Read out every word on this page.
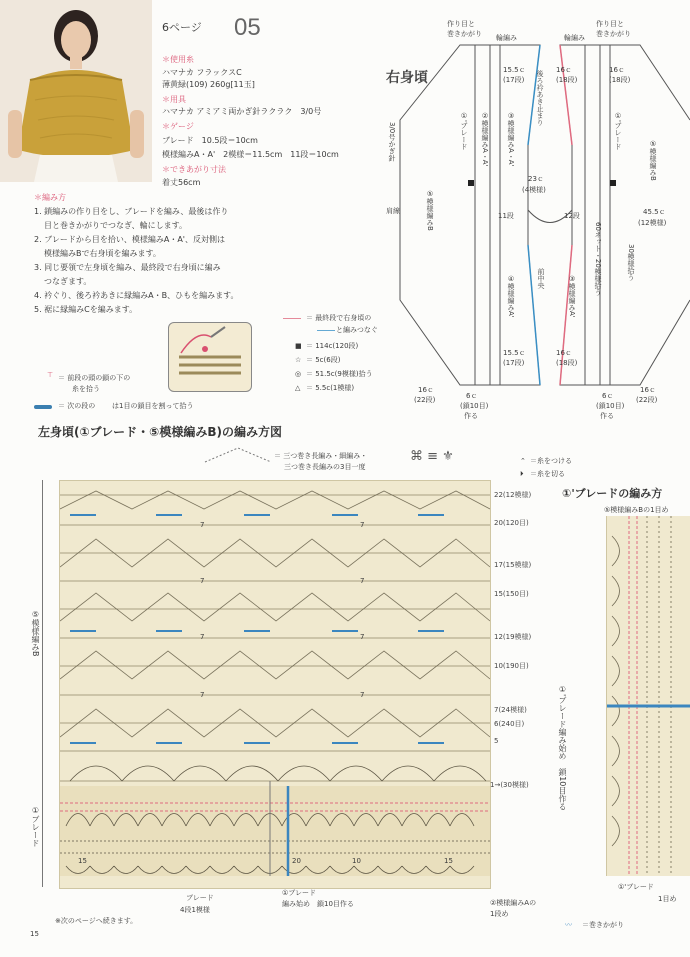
6ページ 05
＊使用糸
ハマナカ フラックスC
薄黄緑(109) 260g[11玉]
＊用具
ハマナカ アミアミ両かぎ針ラクラク　3/0号
＊ゲージ
ブレード　10.5段＝10cm
模様編みA・A'　2模様＝11.5cm　11段＝10cm
＊できあがり寸法
着丈56cm
＊編み方
1. 鎖編みの作り目をし、ブレードを編み、最後は作り
目と巻きかがりでつなぎ、輪にします。
2. ブレードから目を拾い、模様編みA・A'、反対側は
模様編みBで右身頃を編みます。
3. 同じ要領で左身頃を編み、最終段で右身頃に編み
つなぎます。
4. 衿ぐり、後ろ衿あきに縁編みA・B、ひもを編みます。
5. 裾に縁編みCを編みます。
⊤ ＝ 前段の頭の鎖の下の
糸を拾う
＝ 次の段の は1目の鎖目を割って拾う
＝ 最終段で右身頃の
と編みつなぐ
■ ＝ 114c(120段)
☆ ＝ 5c(6段)
◎ ＝ 51.5c(9模様)拾う
△ ＝ 5.5c(1模様)
右身頃
3/0号かぎ針
肩線
作り目と
巻きかがり
作り目と
巻きかがり
輪編み	輪編み
15.5ｃ
(17段)
16ｃ
(18段)
16ｃ
(18段)
後ろ衿あき止まり
23ｃ
(4模様)
11段	12段	45.5ｃ
(12模様)
前中央	60ネット・20模様拾う	30模様拾う
①'ブレード	①'ブレード
③模様編みA・A'
②模様編みA・A'
④模様編みA'	③模様編みA'
⑤模様編みB
⑤模様編みB
15.5ｃ
(17段)
16ｃ
(18段)
16ｃ
(22段)	6ｃ
(鎖10目)
作る
6ｃ
(鎖10目)
作る
16ｃ
(22段)
左身頃(①ブレード・⑤模様編みB)の編み方図
＝ 三つ巻き長編み・細編み・
三つ巻き長編みの3目一度
⌘ ≡ ⚜	⌃ ＝糸をつける
⏵ ＝糸を切る
7
7
7
7
7
7
7
7
15	15
20	10
⑤模様編みB
①ブレード
22(12模様)
20(120目)
17(15模様)
15(150目)
12(19模様)
10(190目)
7(24模様)
6(240目)
5
1→(30模様)
ブレード
4段1模様
①ブレード
編み始め　鎖10目作る	②模様編みAの
1段め
※次のページへ続きます。
15
〰 ＝巻きかがり
①'ブレードの編み方
⑤模様編みBの1目め
①'ブレード編み始め　鎖10目作る
①'ブレード
1目め
